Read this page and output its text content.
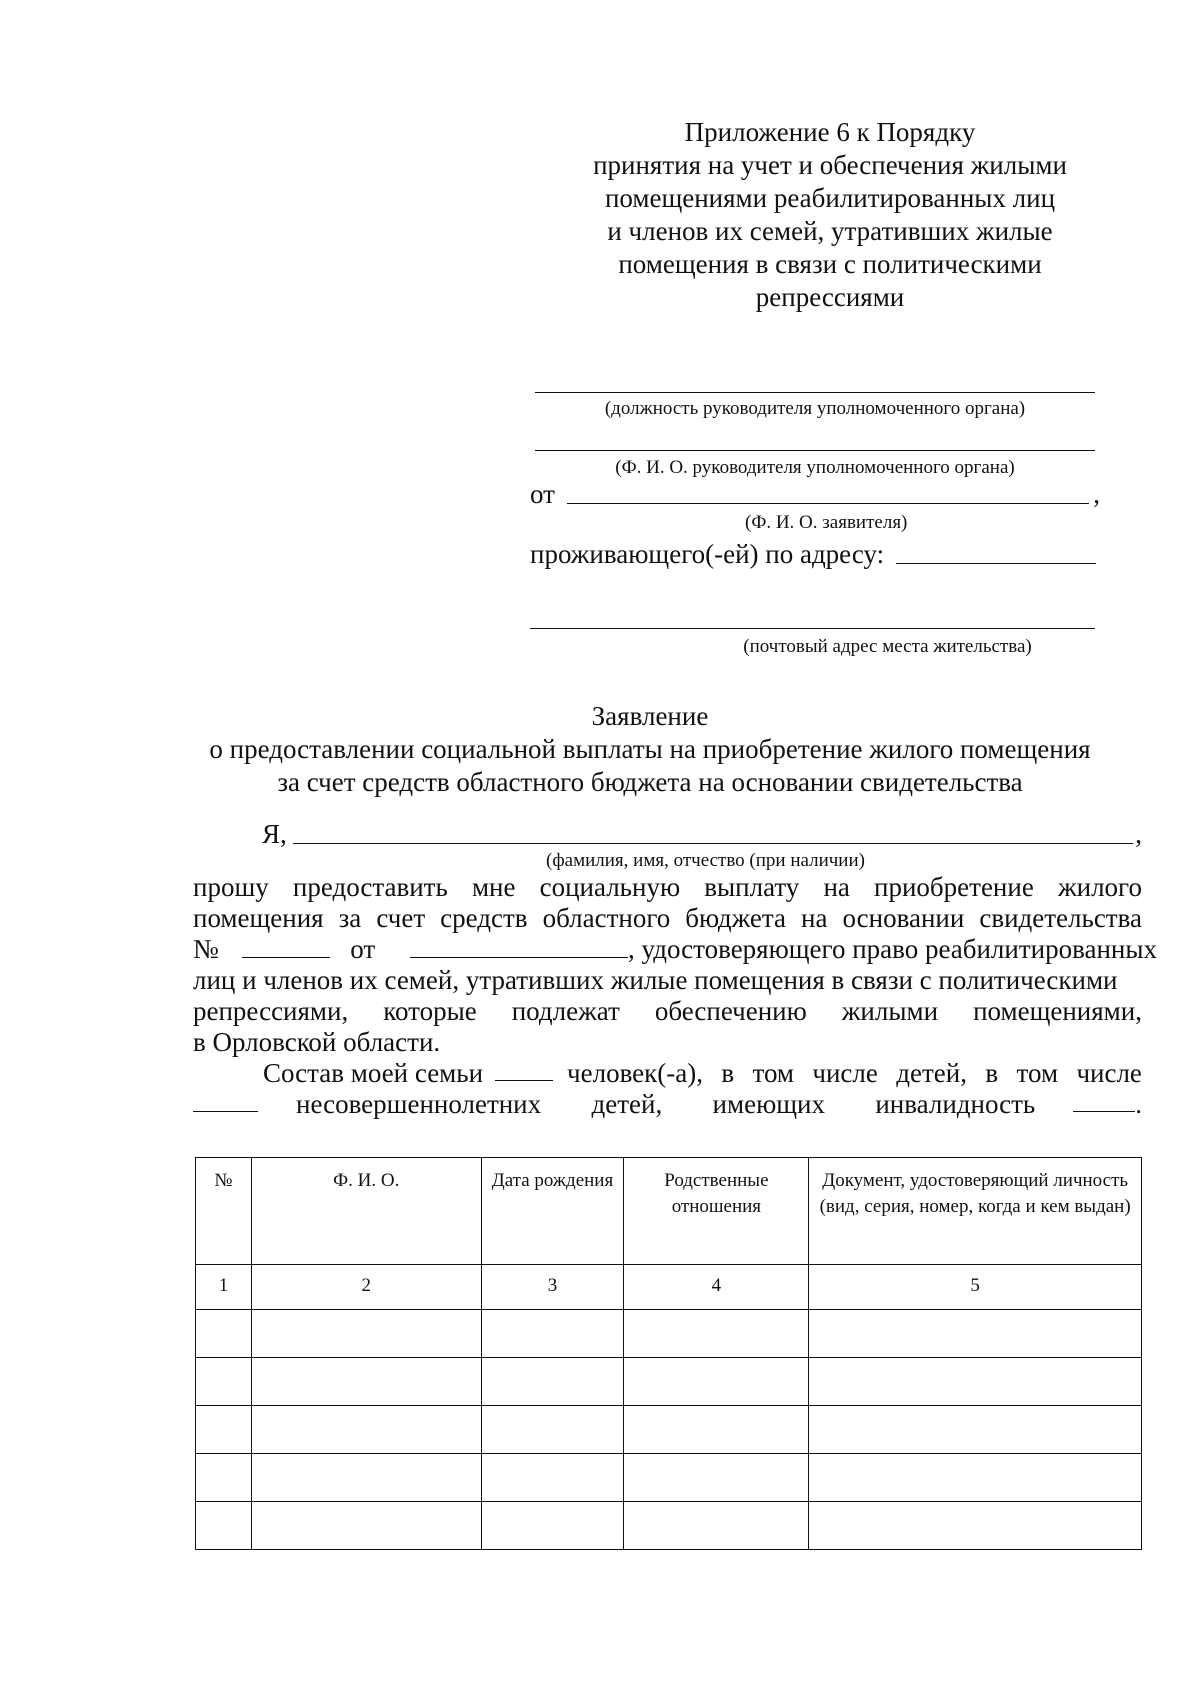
Приложение 6 к Порядку
принятия на учет и обеспечения жилыми
помещениями реабилитированных лиц
и членов их семей, утративших жилые
помещения в связи с политическими
репрессиями
(должность руководителя уполномоченного органа)
(Ф. И. О. руководителя уполномоченного органа)
от	,
(Ф. И. О. заявителя)
проживающего(-ей) по адресу:
(почтовый адрес места жительства)
Заявление
о предоставлении социальной выплаты на приобретение жилого помещения
за счет средств областного бюджета на основании свидетельства
Я,	,
(фамилия, имя, отчество (при наличии)
прошу предоставить мне социальную выплату на приобретение жилого
помещения за счет средств областного бюджета на основании свидетельства
№	от	, удостоверяющего право реабилитированных
лиц и членов их семей, утративших жилые помещения в связи с политическими
репрессиями, которые подлежат обеспечению жилыми помещениями,
в Орловской области.
Состав моей семьи	человек(-а), в том числе детей, в том числе
несовершеннолетних детей, имеющих инвалидность	.
№	Ф. И. О.	Дата рождения	Родственные отношения	Документ, удостоверяющий личность (вид, серия, номер, когда и кем выдан)
1	2	3	4	5
